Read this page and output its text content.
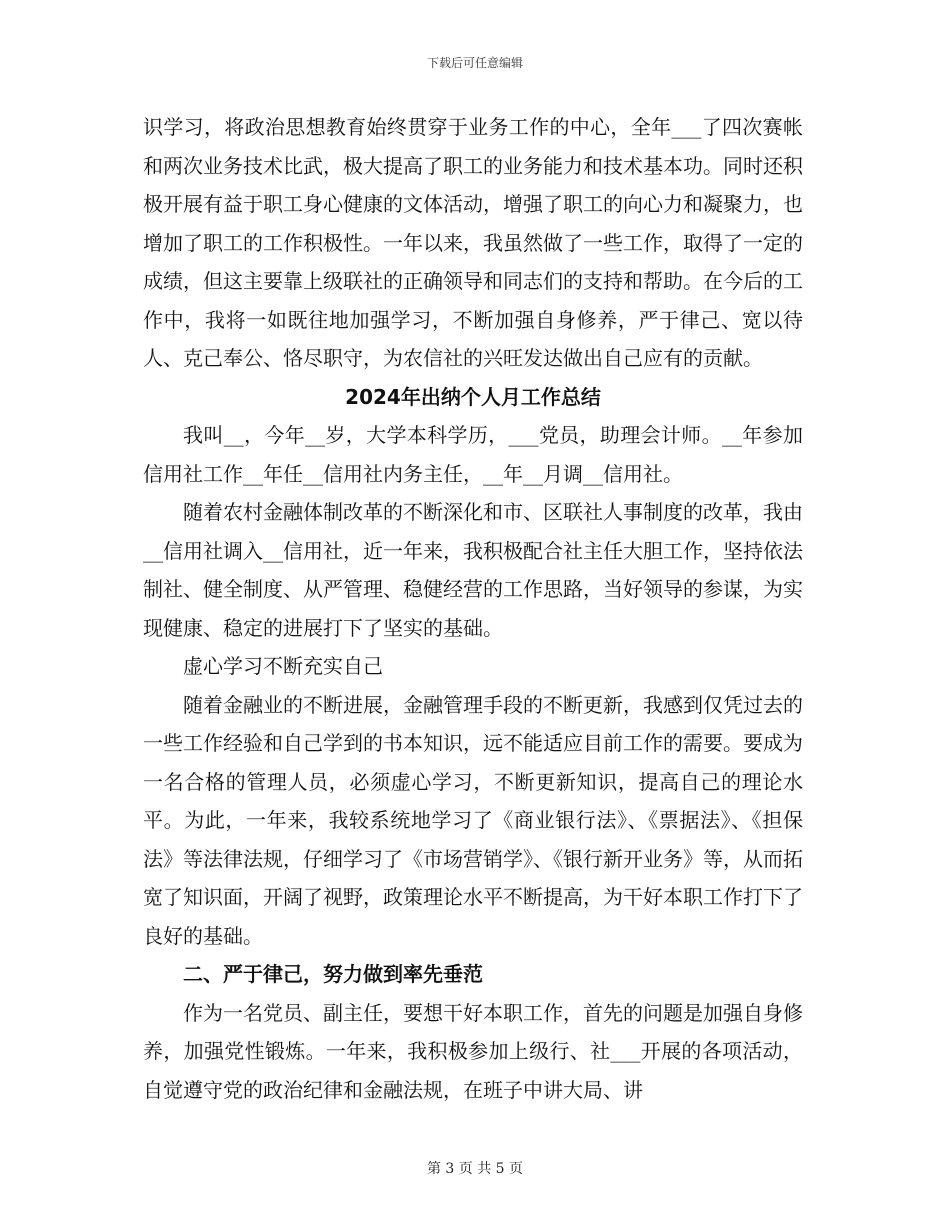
下载后可任意编辑

识学习，将政治思想教育始终贯穿于业务工作的中心，全年___了四次赛帐和两次业务技术比武，极大提高了职工的业务能力和技术基本功。同时还积极开展有益于职工身心健康的文体活动，增强了职工的向心力和凝聚力，也增加了职工的工作积极性。一年以来，我虽然做了一些工作，取得了一定的成绩，但这主要靠上级联社的正确领导和同志们的支持和帮助。在今后的工作中，我将一如既往地加强学习，不断加强自身修养，严于律己、宽以待人、克己奉公、恪尽职守，为农信社的兴旺发达做出自己应有的贡献。

2024年出纳个人月工作总结

我叫__，今年__岁，大学本科学历，___党员，助理会计师。__年参加信用社工作__年任__信用社内务主任，__年__月调__信用社。

随着农村金融体制改革的不断深化和市、区联社人事制度的改革，我由__信用社调入__信用社，近一年来，我积极配合社主任大胆工作，坚持依法制社、健全制度、从严管理、稳健经营的工作思路，当好领导的参谋，为实现健康、稳定的进展打下了坚实的基础。

虚心学习不断充实自己

随着金融业的不断进展，金融管理手段的不断更新，我感到仅凭过去的一些工作经验和自己学到的书本知识，远不能适应目前工作的需要。要成为一名合格的管理人员，必须虚心学习，不断更新知识，提高自己的理论水平。为此，一年来，我较系统地学习了《商业银行法》、《票据法》、《担保法》等法律法规，仔细学习了《市场营销学》、《银行新开业务》等，从而拓宽了知识面，开阔了视野，政策理论水平不断提高，为干好本职工作打下了良好的基础。

二、严于律己，努力做到率先垂范

作为一名党员、副主任，要想干好本职工作，首先的问题是加强自身修养，加强党性锻炼。一年来，我积极参加上级行、社___开展的各项活动，自觉遵守党的政治纪律和金融法规，在班子中讲大局、讲

第 3 页 共 5 页
